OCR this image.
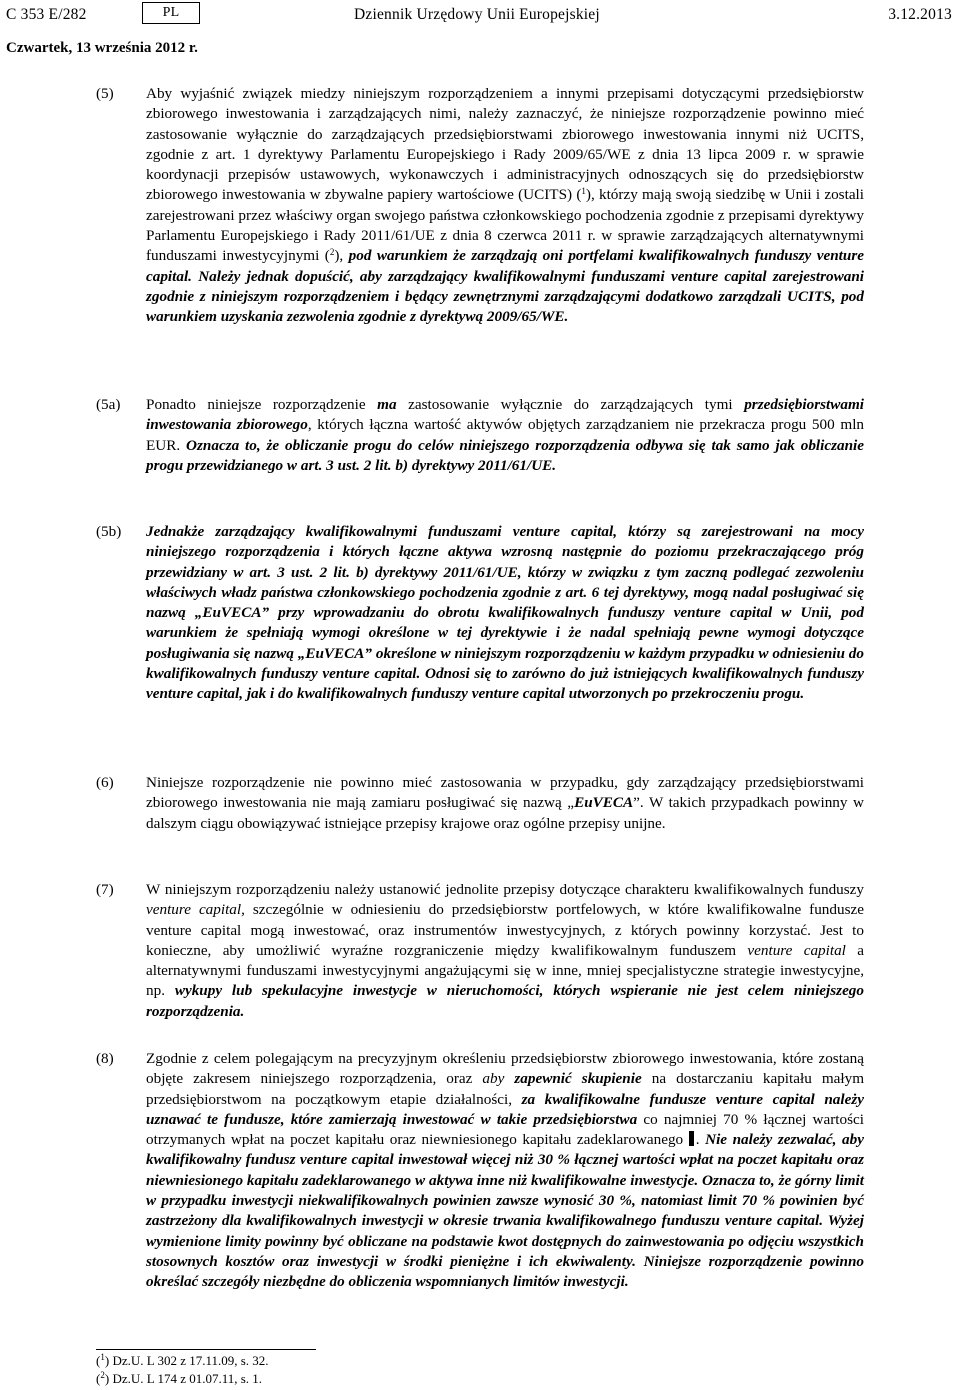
C 353 E/282	PL	Dziennik Urzędowy Unii Europejskiej	3.12.2013
Czwartek, 13 września 2012 r.
(5)	Aby wyjaśnić związek miedzy niniejszym rozporządzeniem a innymi przepisami dotyczącymi przedsiębiorstw zbiorowego inwestowania i zarządzających nimi, należy zaznaczyć, że niniejsze rozporządzenie powinno mieć zastosowanie wyłącznie do zarządzających przedsiębiorstwami zbiorowego inwestowania innymi niż UCITS, zgodnie z art. 1 dyrektywy Parlamentu Europejskiego i Rady 2009/65/WE z dnia 13 lipca 2009 r. w sprawie koordynacji przepisów ustawowych, wykonawczych i administracyjnych odnoszących się do przedsiębiorstw zbiorowego inwestowania w zbywalne papiery wartościowe (UCITS) ($^1$), którzy mają swoją siedzibę w Unii i zostali zarejestrowani przez właściwy organ swojego państwa członkowskiego pochodzenia zgodnie z przepisami dyrektywy Parlamentu Europejskiego i Rady 2011/61/UE z dnia 8 czerwca 2011 r. w sprawie zarządzających alternatywnymi funduszami inwestycyjnymi ($^2$), pod warunkiem że zarządzają oni portfelami kwalifikowalnych funduszy venture capital. Należy jednak dopuścić, aby zarządzający kwalifikowalnymi funduszami venture capital zarejestrowani zgodnie z niniejszym rozporządzeniem i będący zewnętrznymi zarządzającymi dodatkowo zarządzali UCITS, pod warunkiem uzyskania zezwolenia zgodnie z dyrektywą 2009/65/WE.
(5a)	Ponadto niniejsze rozporządzenie ma zastosowanie wyłącznie do zarządzających tymi przedsiębiorstwami inwestowania zbiorowego, których łączna wartość aktywów objętych zarządzaniem nie przekracza progu 500 mln EUR. Oznacza to, że obliczanie progu do celów niniejszego rozporządzenia odbywa się tak samo jak obliczanie progu przewidzianego w art. 3 ust. 2 lit. b) dyrektywy 2011/61/UE.
(5b)	Jednakże zarządzający kwalifikowalnymi funduszami venture capital, którzy są zarejestrowani na mocy niniejszego rozporządzenia i których łączne aktywa wzrosną następnie do poziomu przekraczającego próg przewidziany w art. 3 ust. 2 lit. b) dyrektywy 2011/61/UE, którzy w związku z tym zaczną podlegać zezwoleniu właściwych władz państwa członkowskiego pochodzenia zgodnie z art. 6 tej dyrektywy, mogą nadal posługiwać się nazwą „EuVECA” przy wprowadzaniu do obrotu kwalifikowalnych funduszy venture capital w Unii, pod warunkiem że spełniają wymogi określone w tej dyrektywie i że nadal spełniają pewne wymogi dotyczące posługiwania się nazwą „EuVECA” określone w niniejszym rozporządzeniu w każdym przypadku w odniesieniu do kwalifikowalnych funduszy venture capital. Odnosi się to zarówno do już istniejących kwalifikowalnych funduszy venture capital, jak i do kwalifikowalnych funduszy venture capital utworzonych po przekroczeniu progu.
(6)	Niniejsze rozporządzenie nie powinno mieć zastosowania w przypadku, gdy zarządzający przedsiębiorstwami zbiorowego inwestowania nie mają zamiaru posługiwać się nazwą „EuVECA”. W takich przypadkach powinny w dalszym ciągu obowiązywać istniejące przepisy krajowe oraz ogólne przepisy unijne.
(7)	W niniejszym rozporządzeniu należy ustanowić jednolite przepisy dotyczące charakteru kwalifikowalnych funduszy venture capital, szczególnie w odniesieniu do przedsiębiorstw portfelowych, w które kwalifikowalne fundusze venture capital mogą inwestować, oraz instrumentów inwestycyjnych, z których powinny korzystać. Jest to konieczne, aby umożliwić wyraźne rozgraniczenie między kwalifikowalnym funduszem venture capital a alternatywnymi funduszami inwestycyjnymi angażującymi się w inne, mniej specjalistyczne strategie inwestycyjne, np. wykupy lub spekulacyjne inwestycje w nieruchomości, których wspieranie nie jest celem niniejszego rozporządzenia.
(8)	Zgodnie z celem polegającym na precyzyjnym określeniu przedsiębiorstw zbiorowego inwestowania, które zostaną objęte zakresem niniejszego rozporządzenia, oraz aby zapewnić skupienie na dostarczaniu kapitału małym przedsiębiorstwom na początkowym etapie działalności, za kwalifikowalne fundusze venture capital należy uznawać te fundusze, które zamierzają inwestować w takie przedsiębiorstwa co najmniej 70 % łącznej wartości otrzymanych wpłat na poczet kapitału oraz niewniesionego kapitału zadeklarowanego . Nie należy zezwalać, aby kwalifikowalny fundusz venture capital inwestował więcej niż 30 % łącznej wartości wpłat na poczet kapitału oraz niewniesionego kapitału zadeklarowanego w aktywa inne niż kwalifikowalne inwestycje. Oznacza to, że górny limit w przypadku inwestycji niekwalifikowalnych powinien zawsze wynosić 30 %, natomiast limit 70 % powinien być zastrzeżony dla kwalifikowalnych inwestycji w okresie trwania kwalifikowalnego funduszu venture capital. Wyżej wymienione limity powinny być obliczane na podstawie kwot dostępnych do zainwestowania po odjęciu wszystkich stosownych kosztów oraz inwestycji w środki pieniężne i ich ekwiwalenty. Niniejsze rozporządzenie powinno określać szczegóły niezbędne do obliczenia wspomnianych limitów inwestycji.
($^1$) Dz.U. L 302 z 17.11.09, s. 32.
($^2$) Dz.U. L 174 z 01.07.11, s. 1.
